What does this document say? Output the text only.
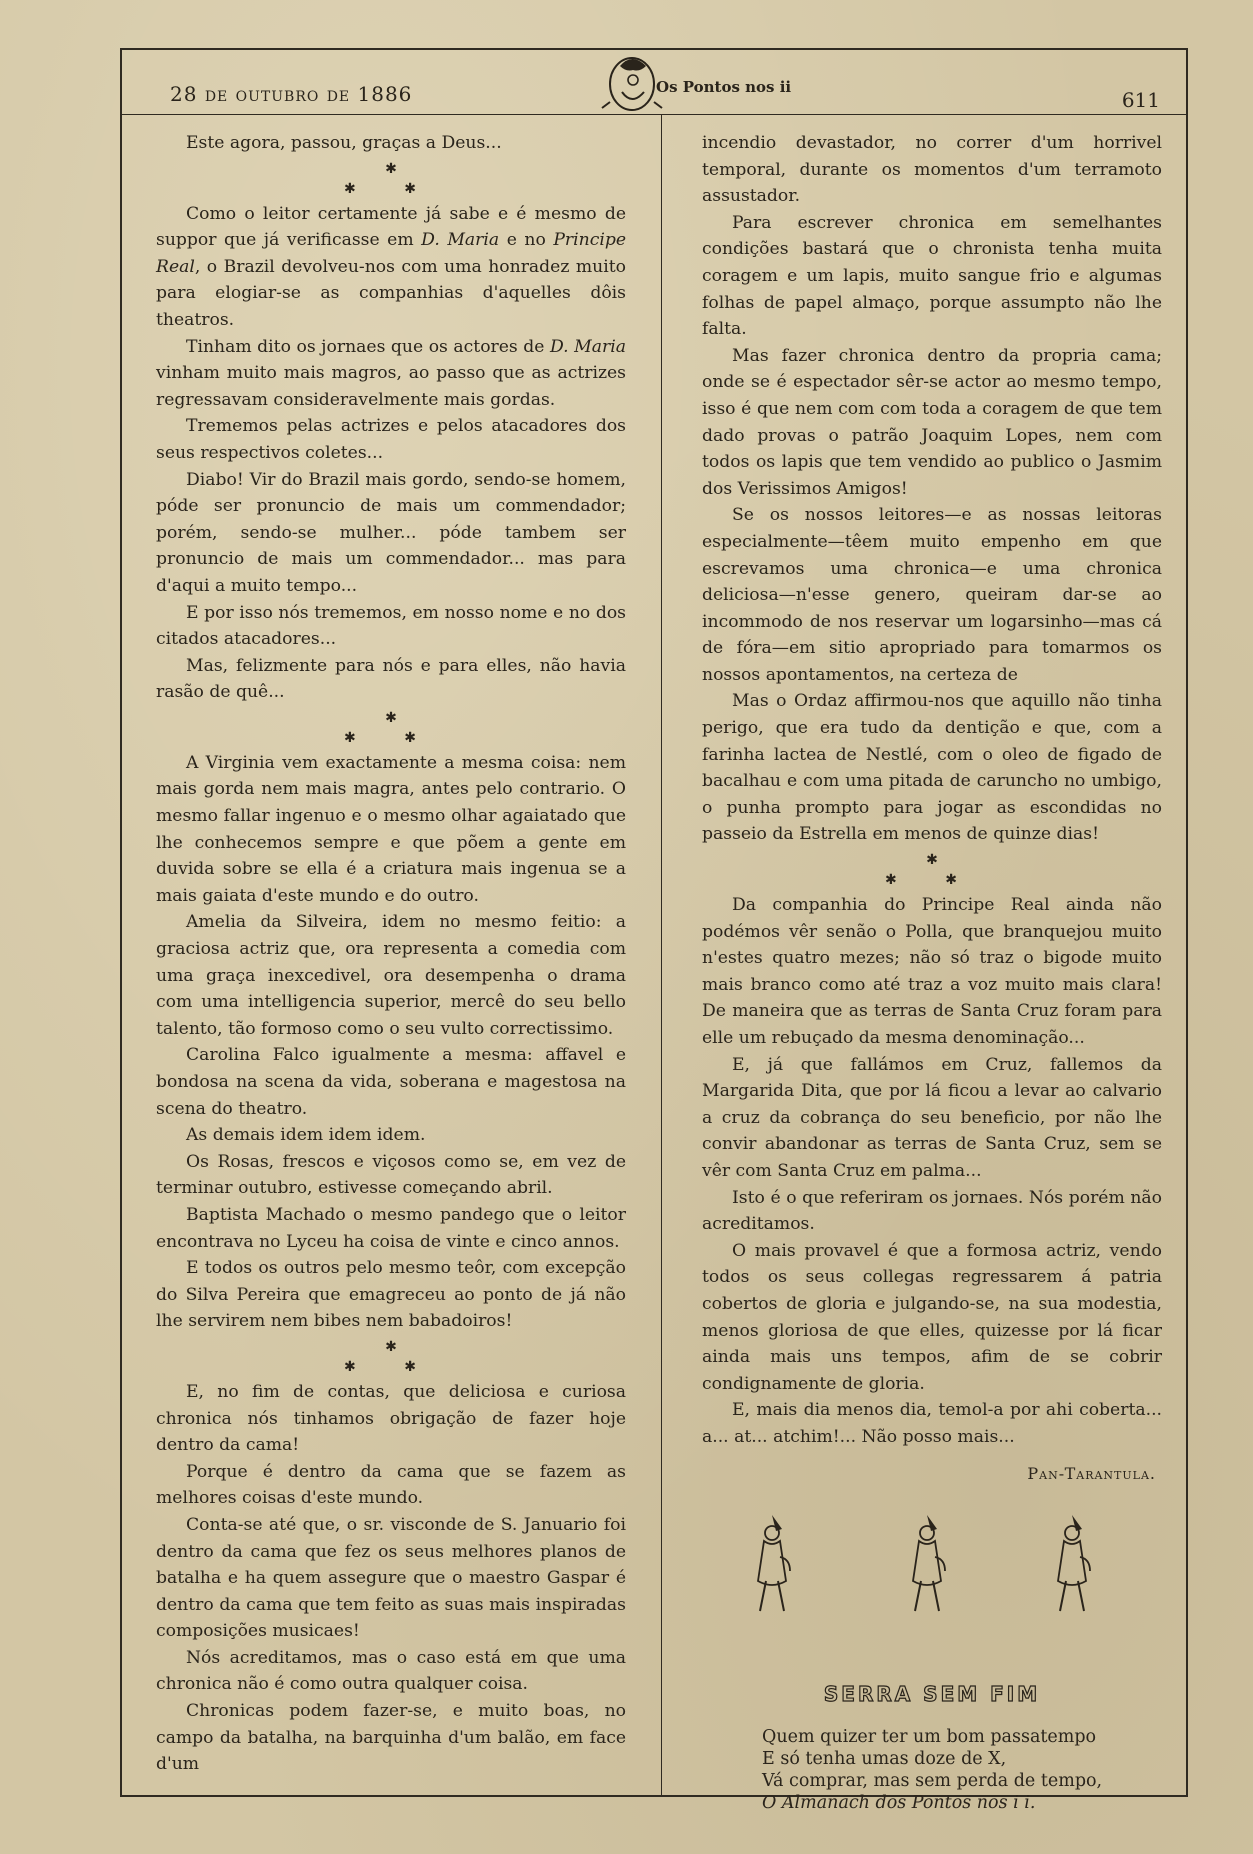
28 de outubro de 1886	Os Pontos nos ii
611

Este agora, passou, graças a Deus...

✱
✱ ✱

Como o leitor certamente já sabe e é mesmo de suppor que já verificasse em D. Maria e no Principe Real, o Brazil devolveu-nos com uma honradez muito para elogiar-se as companhias d'aquelles dôis theatros.

Tinham dito os jornaes que os actores de D. Maria vinham muito mais magros, ao passo que as actrizes regressavam consideravelmente mais gordas.

Trememos pelas actrizes e pelos atacadores dos seus respectivos coletes...

Diabo! Vir do Brazil mais gordo, sendo-se homem, póde ser pronuncio de mais um commendador; porém, sendo-se mulher... póde tambem ser pronuncio de mais um commendador... mas para d'aqui a muito tempo...

E por isso nós trememos, em nosso nome e no dos citados atacadores...

Mas, felizmente para nós e para elles, não havia rasão de quê...

✱
✱ ✱

A Virginia vem exactamente a mesma coisa: nem mais gorda nem mais magra, antes pelo contrario. O mesmo fallar ingenuo e o mesmo olhar agaiatado que lhe conhecemos sempre e que põem a gente em duvida sobre se ella é a criatura mais ingenua se a mais gaiata d'este mundo e do outro.

Amelia da Silveira, idem no mesmo feitio: a graciosa actriz que, ora representa a comedia com uma graça inexcedivel, ora desempenha o drama com uma intelligencia superior, mercê do seu bello talento, tão formoso como o seu vulto correctissimo.

Carolina Falco igualmente a mesma: affavel e bondosa na scena da vida, soberana e magestosa na scena do theatro.

As demais idem idem idem.

Os Rosas, frescos e viçosos como se, em vez de terminar outubro, estivesse começando abril.

Baptista Machado o mesmo pandego que o leitor encontrava no Lyceu ha coisa de vinte e cinco annos.

E todos os outros pelo mesmo teôr, com excepção do Silva Pereira que emagreceu ao ponto de já não lhe servirem nem bibes nem babadoiros!

✱
✱ ✱

E, no fim de contas, que deliciosa e curiosa chronica nós tinhamos obrigação de fazer hoje dentro da cama!

Porque é dentro da cama que se fazem as melhores coisas d'este mundo.

Conta-se até que, o sr. visconde de S. Januario foi dentro da cama que fez os seus melhores planos de batalha e ha quem assegure que o maestro Gaspar é dentro da cama que tem feito as suas mais inspiradas composições musicaes!

Nós acreditamos, mas o caso está em que uma chronica não é como outra qualquer coisa.

Chronicas podem fazer-se, e muito boas, no campo da batalha, na barquinha d'um balão, em face d'um

incendio devastador, no correr d'um horrivel temporal, durante os momentos d'um terramoto assustador.

Para escrever chronica em semelhantes condições bastará que o chronista tenha muita coragem e um lapis, muito sangue frio e algumas folhas de papel almaço, porque assumpto não lhe falta.

Mas fazer chronica dentro da propria cama; onde se é espectador sêr-se actor ao mesmo tempo, isso é que nem com com toda a coragem de que tem dado provas o patrão Joaquim Lopes, nem com todos os lapis que tem vendido ao publico o Jasmim dos Verissimos Amigos!

Se os nossos leitores—e as nossas leitoras especialmente—têem muito empenho em que escrevamos uma chronica—e uma chronica deliciosa—n'esse genero, queiram dar-se ao incommodo de nos reservar um logarsinho—mas cá de fóra—em sitio apropriado para tomarmos os nossos apontamentos, na certeza de

Mas o Ordaz affirmou-nos que aquillo não tinha perigo, que era tudo da dentição e que, com a farinha lactea de Nestlé, com o oleo de figado de bacalhau e com uma pitada de caruncho no umbigo, o punha prompto para jogar as escondidas no passeio da Estrella em menos de quinze dias!

✱
✱ ✱

Da companhia do Principe Real ainda não podémos vêr senão o Polla, que branquejou muito n'estes quatro mezes; não só traz o bigode muito mais branco como até traz a voz muito mais clara! De maneira que as terras de Santa Cruz foram para elle um rebuçado da mesma denominação...

E, já que fallámos em Cruz, fallemos da Margarida Dita, que por lá ficou a levar ao calvario a cruz da cobrança do seu beneficio, por não lhe convir abandonar as terras de Santa Cruz, sem se vêr com Santa Cruz em palma...

Isto é o que referiram os jornaes. Nós porém não acreditamos.

O mais provavel é que a formosa actriz, vendo todos os seus collegas regressarem á patria cobertos de gloria e julgando-se, na sua modestia, menos gloriosa de que elles, quizesse por lá ficar ainda mais uns tempos, afim de se cobrir condignamente de gloria.

E, mais dia menos dia, temol-a por ahi coberta... a... at... atchim!... Não posso mais...

Pan-Tarantula.
SERRA SEM FIM
Quem quizer ter um bom passatempo
E só tenha umas doze de X,
Vá comprar, mas sem perda de tempo,
O Almanach dos Pontos nos i i.
